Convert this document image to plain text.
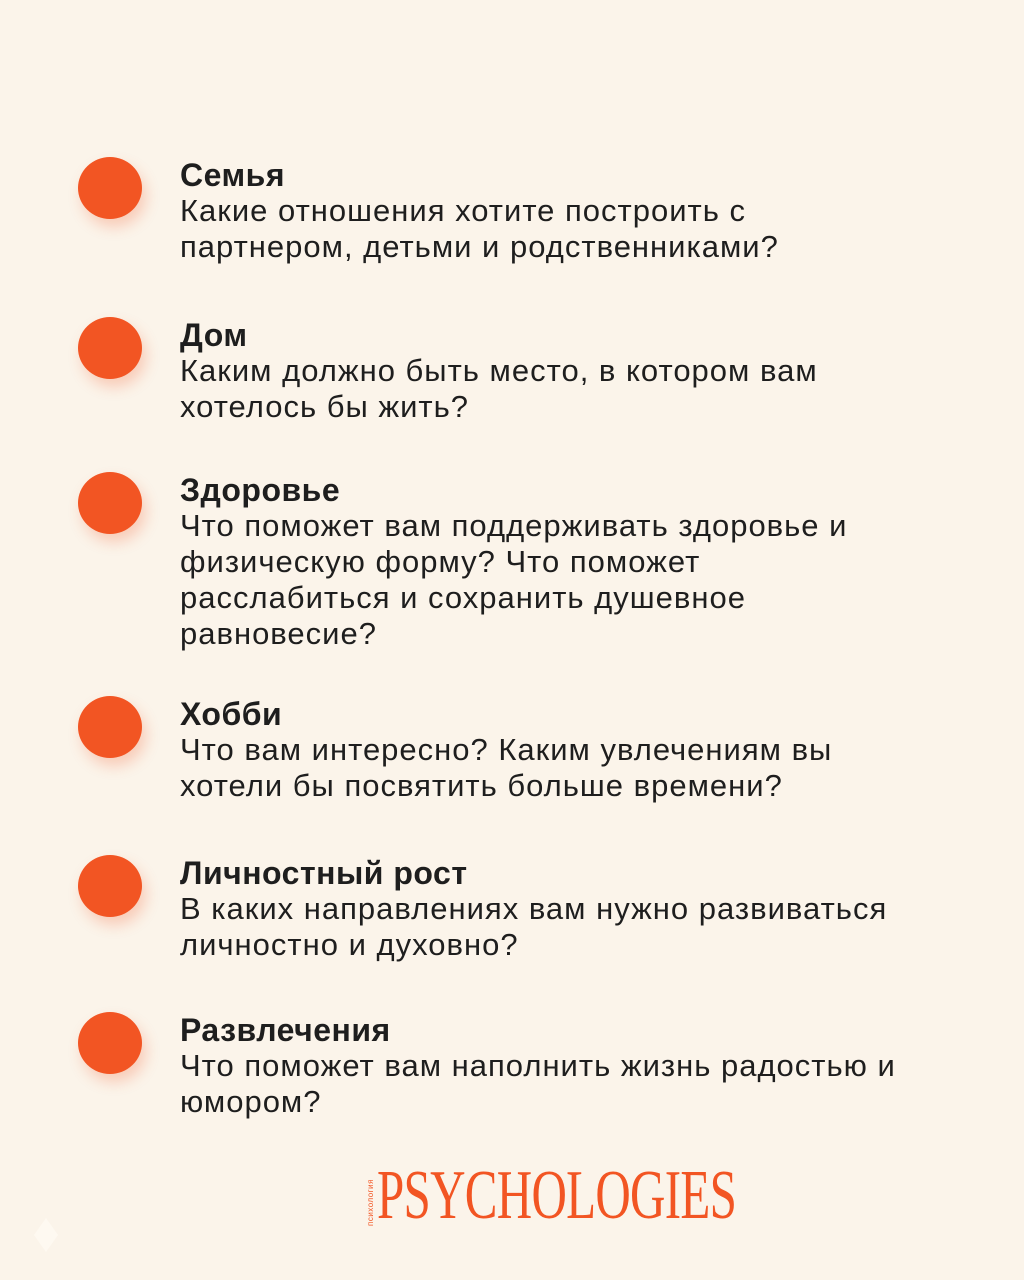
Семья
Какие отношения хотите построить с
партнером, детьми и родственниками?
Дом
Каким должно быть место, в котором вам
хотелось бы жить?
Здоровье
Что поможет вам поддерживать здоровье и
физическую форму? Что поможет
расслабиться и сохранить душевное
равновесие?
Хобби
Что вам интересно? Каким увлечениям вы
хотели бы посвятить больше времени?
Личностный рост
В каких направлениях вам нужно развиваться
личностно и духовно?
Развлечения
Что поможет вам наполнить жизнь радостью и
юмором?
психология PSYCHOLOGIES
